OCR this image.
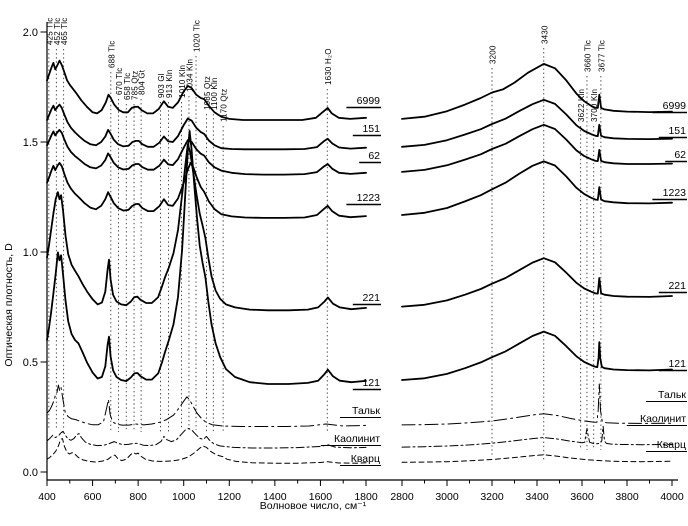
0.0
0.5
1.0
1.5
2.0
400	600	800 1000 1200 1400 1600 1800 2800 3000 3200 3400 3600 3800 4000
425 Tlc
452 Tlc
465 Tlc
688 Tlc
670 Tlc
658 Tlc
785 Qtz
804 Gt 903 Gl
913 Kln 1010 Kln
1034 Kln
1020 Tlc
1085 Qtz
1100 Kln 1170 Qtz
1630 Н₂О	3200
3430
3622 Kln
3660 Tlc
3700 Kln
3677 Tlc
6999	6999
151	151
62	62
1223	1223
221
221
121
121
Тальк
Тальк
Каолинит
Каолинит
Кварц
Кварц
Волновое число, см⁻¹
Оптическая плотность, D
